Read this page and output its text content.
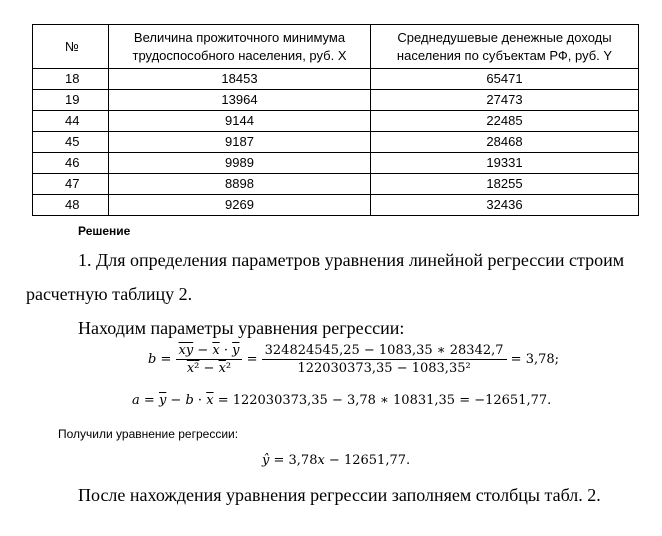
№	Величина прожиточного минимума трудоспособного населения, руб. X	Среднедушевые денежные доходы населения по субъектам РФ, руб. Y
18	18453	65471
19	13964	27473
44	9144	22485
45	9187	28468
46	9989	19331
47	8898	18255
48	9269	32436
Решение
1. Для определения параметров уравнения линейной регрессии строим
расчетную таблицу 2.
Находим параметры уравнения регрессии:
$b = \frac{\overline{xy} - \overline{x} \cdot \overline{y}}{x^2 - \overline{x}^2} = \frac{324824545,25 - 1083,35 ∗ 28342,7}{\text{122030373,35 − 1083,35²}} = 3,78$;
$a = \overline{y} - b \cdot \overline{x} = 122030373,35 - 3,78$ ∗ 10831,35 = −12651,77.
Получили уравнение регрессии:
ŷ = 3,78𝑥 − 12651,77.
После нахождения уравнения регрессии заполняем столбцы табл. 2.
